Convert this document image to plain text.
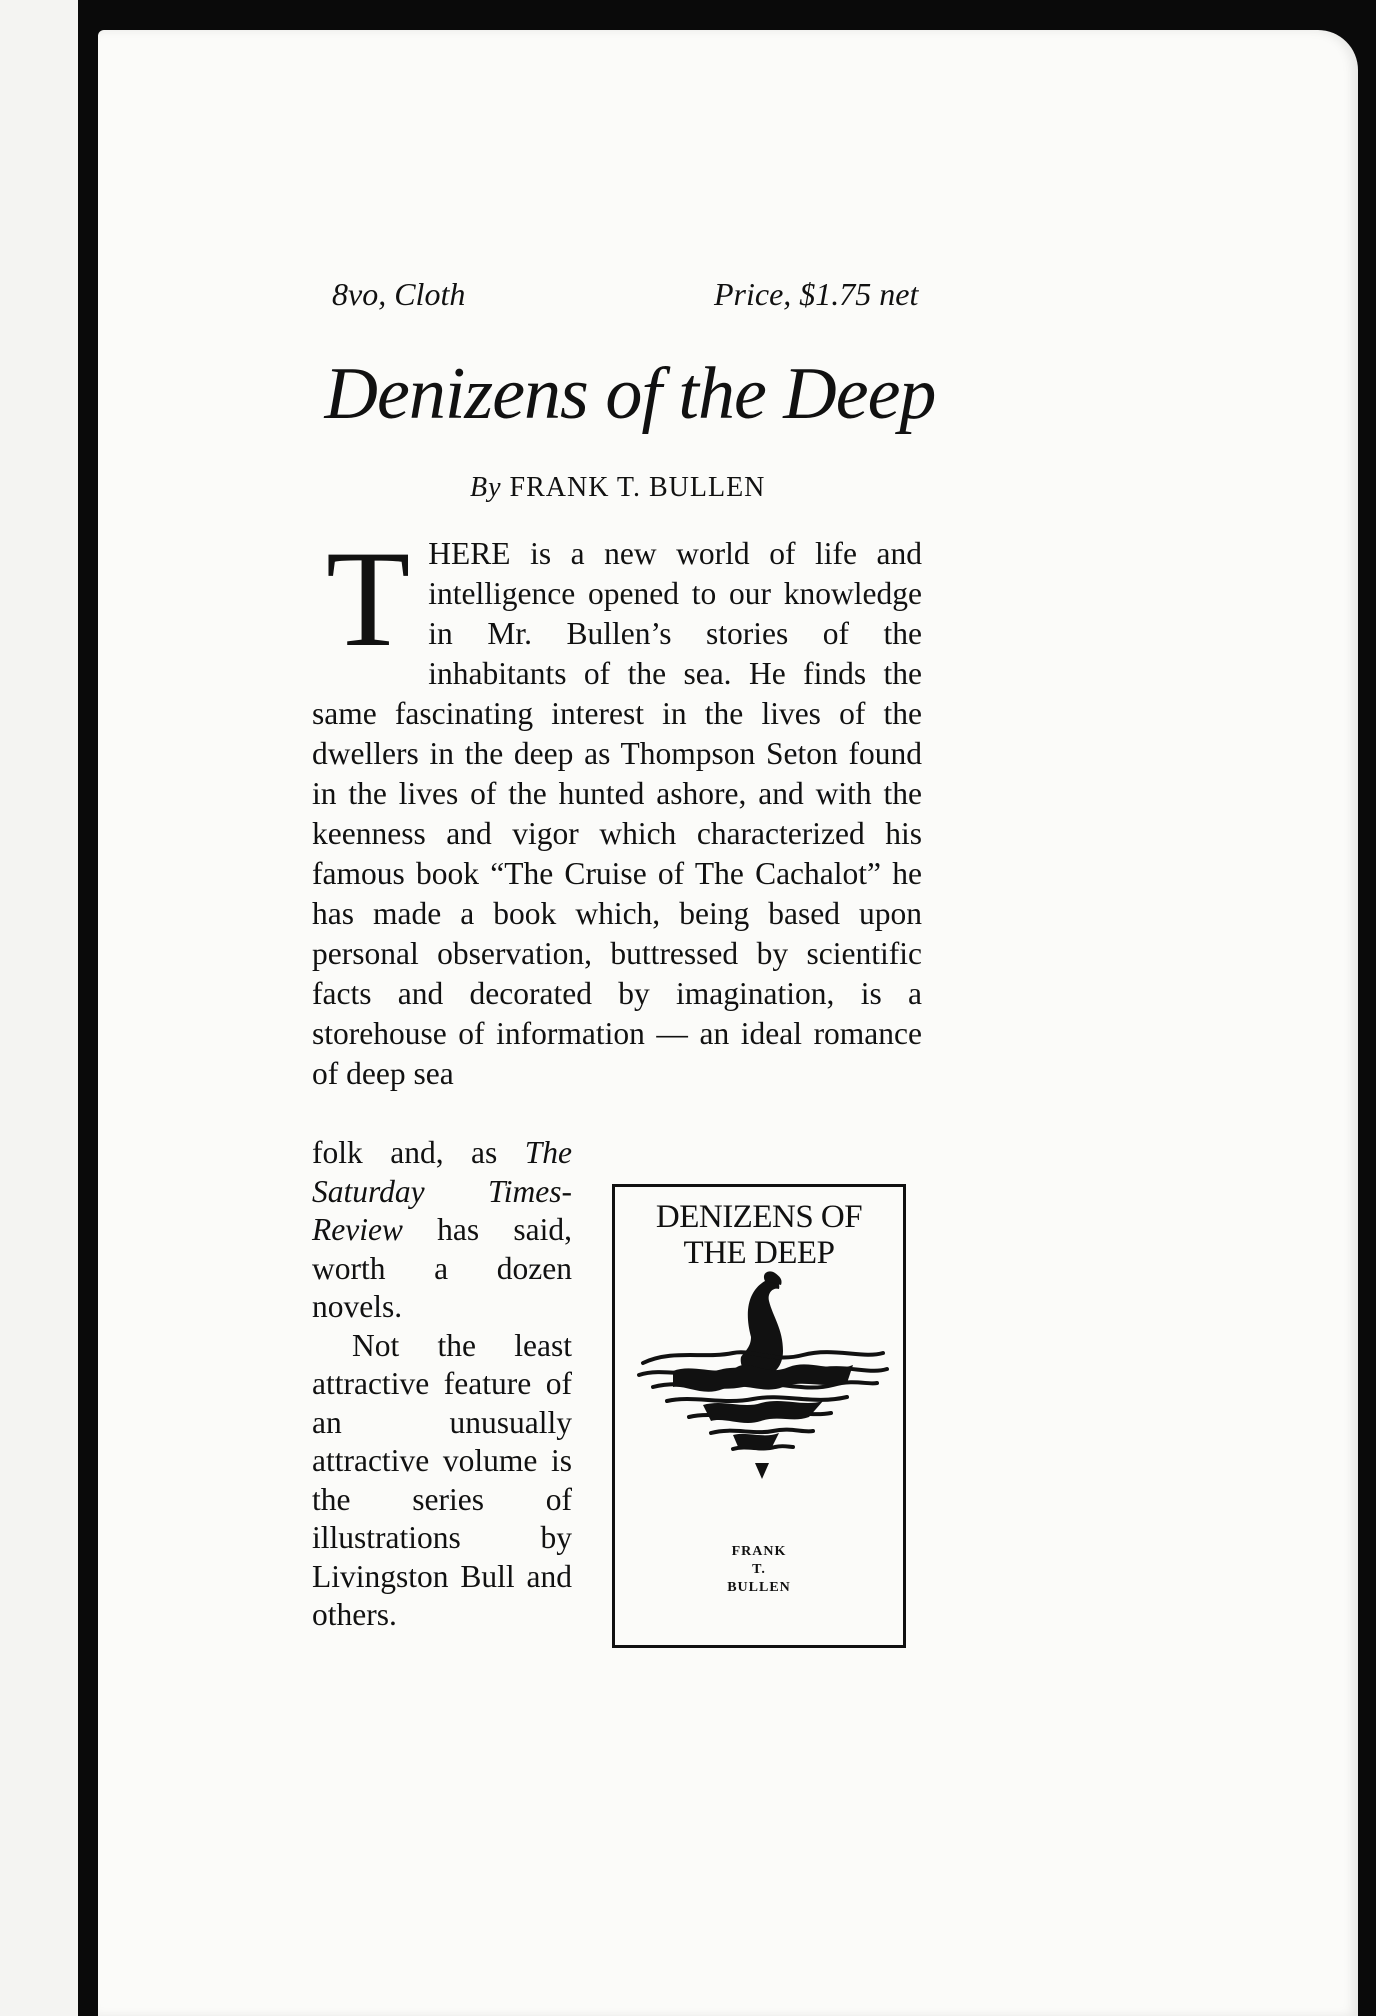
8vo, Cloth	Price, $1.75 net
Denizens of the Deep
By FRANK T. BULLEN

THERE is a new world of life and intelligence opened to our knowledge in Mr. Bullen’s stories of the inhabitants of the sea. He finds the same fascinating interest in the lives of the dwellers in the deep as Thompson Seton found in the lives of the hunted ashore, and with the keenness and vigor which characterized his famous book “The Cruise of The Cachalot” he has made a book which, being based upon personal observation, buttressed by scientific facts and decorated by imagination, is a storehouse of information — an ideal romance of deep sea

folk and, as The Saturday Times-Review has said, worth a dozen novels.

Not the least attractive feature of an unusually attractive volume is the series of illustrations by Livingston Bull and others.

DENIZENS OF
THE DEEP
FRANK
T.
BULLEN
